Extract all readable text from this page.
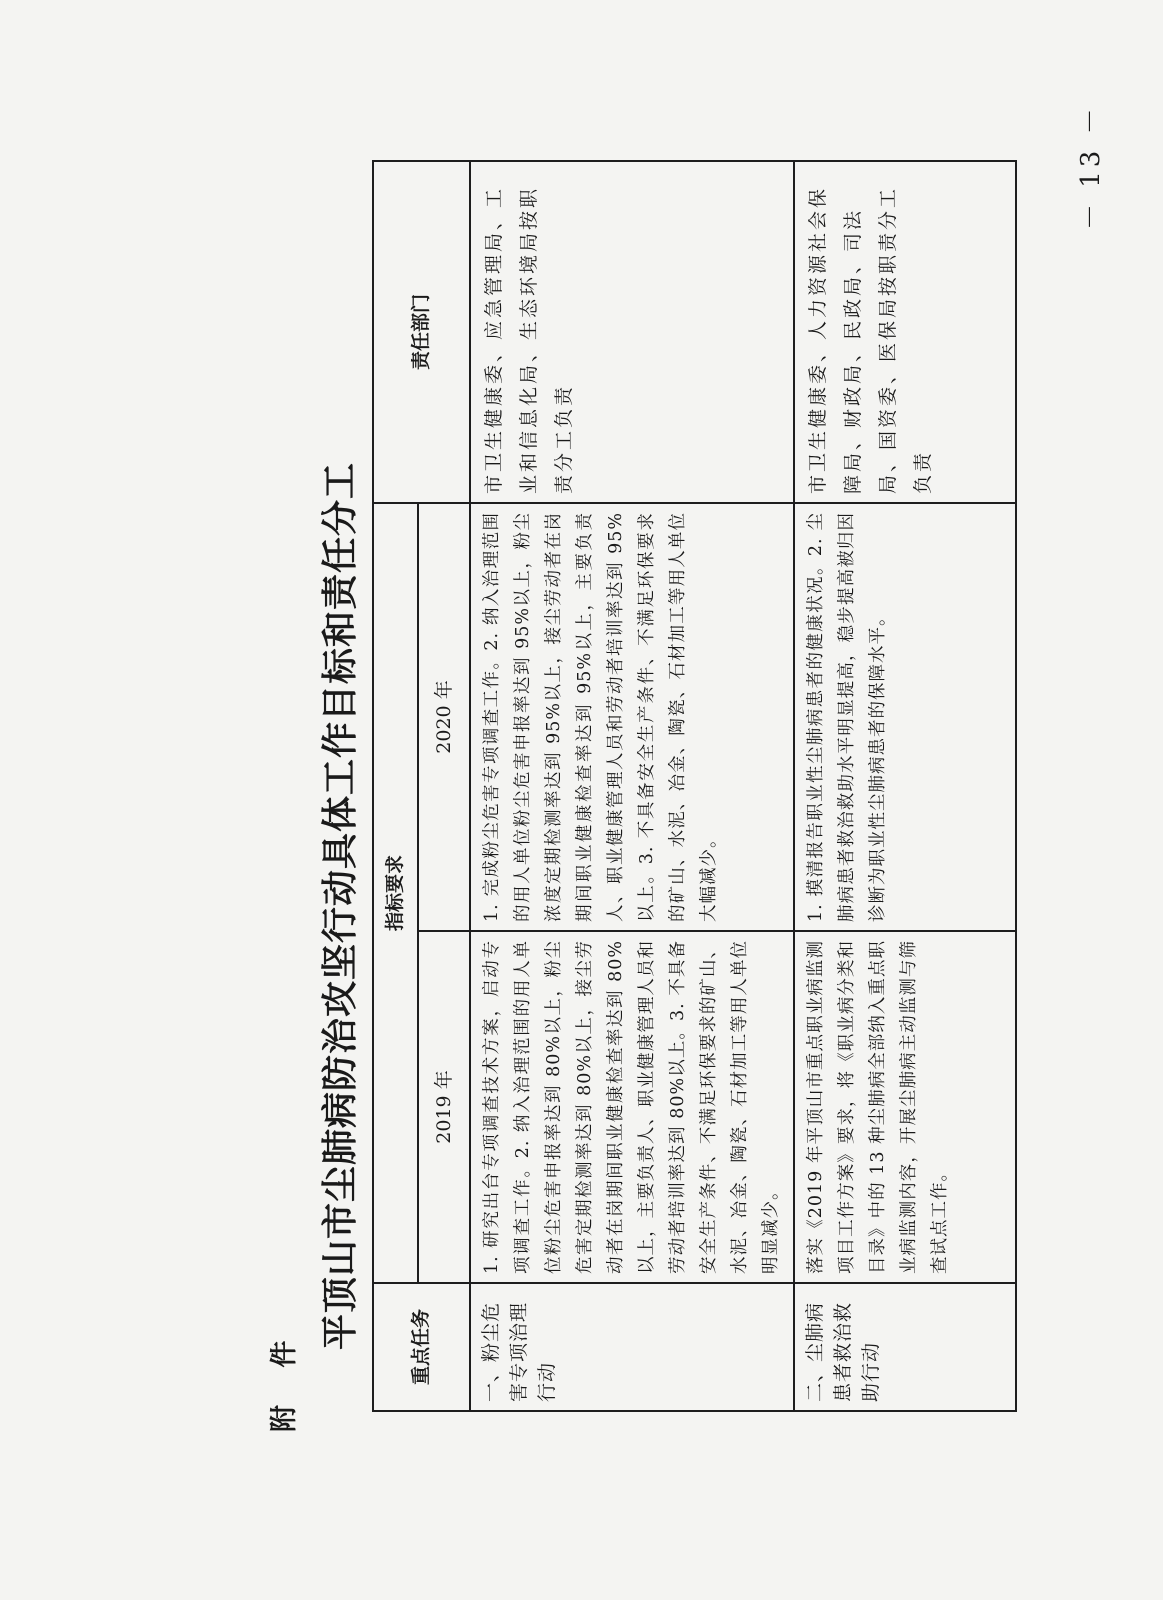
附 件
平顶山市尘肺病防治攻坚行动具体工作目标和责任分工	重点任务	指标要求		责任部门
	2019 年	2020 年	
一、粉尘危害专项治理行动	1. 研究出台专项调查技术方案，启动专项调查工作。2. 纳入治理范围的用人单位粉尘危害申报率达到 80%以上，粉尘危害定期检测率达到 80%以上，接尘劳动者在岗期间职业健康检查率达到 80%以上，主要负责人、职业健康管理人员和劳动者培训率达到 80%以上。3. 不具备安全生产条件、不满足环保要求的矿山、水泥、冶金、陶瓷、石材加工等用人单位明显减少。	1. 完成粉尘危害专项调查工作。2. 纳入治理范围的用人单位粉尘危害申报率达到 95%以上，粉尘浓度定期检测率达到 95%以上，接尘劳动者在岗期间职业健康检查率达到 95%以上，主要负责人、职业健康管理人员和劳动者培训率达到 95%以上。3. 不具备安全生产条件、不满足环保要求的矿山、水泥、冶金、陶瓷、石材加工等用人单位大幅减少。	市卫生健康委、应急管理局、工业和信息化局、生态环境局按职责分工负责
二、尘肺病患者救治救助行动	落实《2019 年平顶山市重点职业病监测项目工作方案》要求，将《职业病分类和目录》中的 13 种尘肺病全部纳入重点职业病监测内容，开展尘肺病主动监测与筛查试点工作。	1. 摸清报告职业性尘肺病患者的健康状况。2. 尘肺病患者救治救助水平明显提高，稳步提高被归因诊断为职业性尘肺病患者的保障水平。	市卫生健康委、人力资源社会保障局、财政局、民政局、司法局、国资委、医保局按职责分工负责
－ 13 －
